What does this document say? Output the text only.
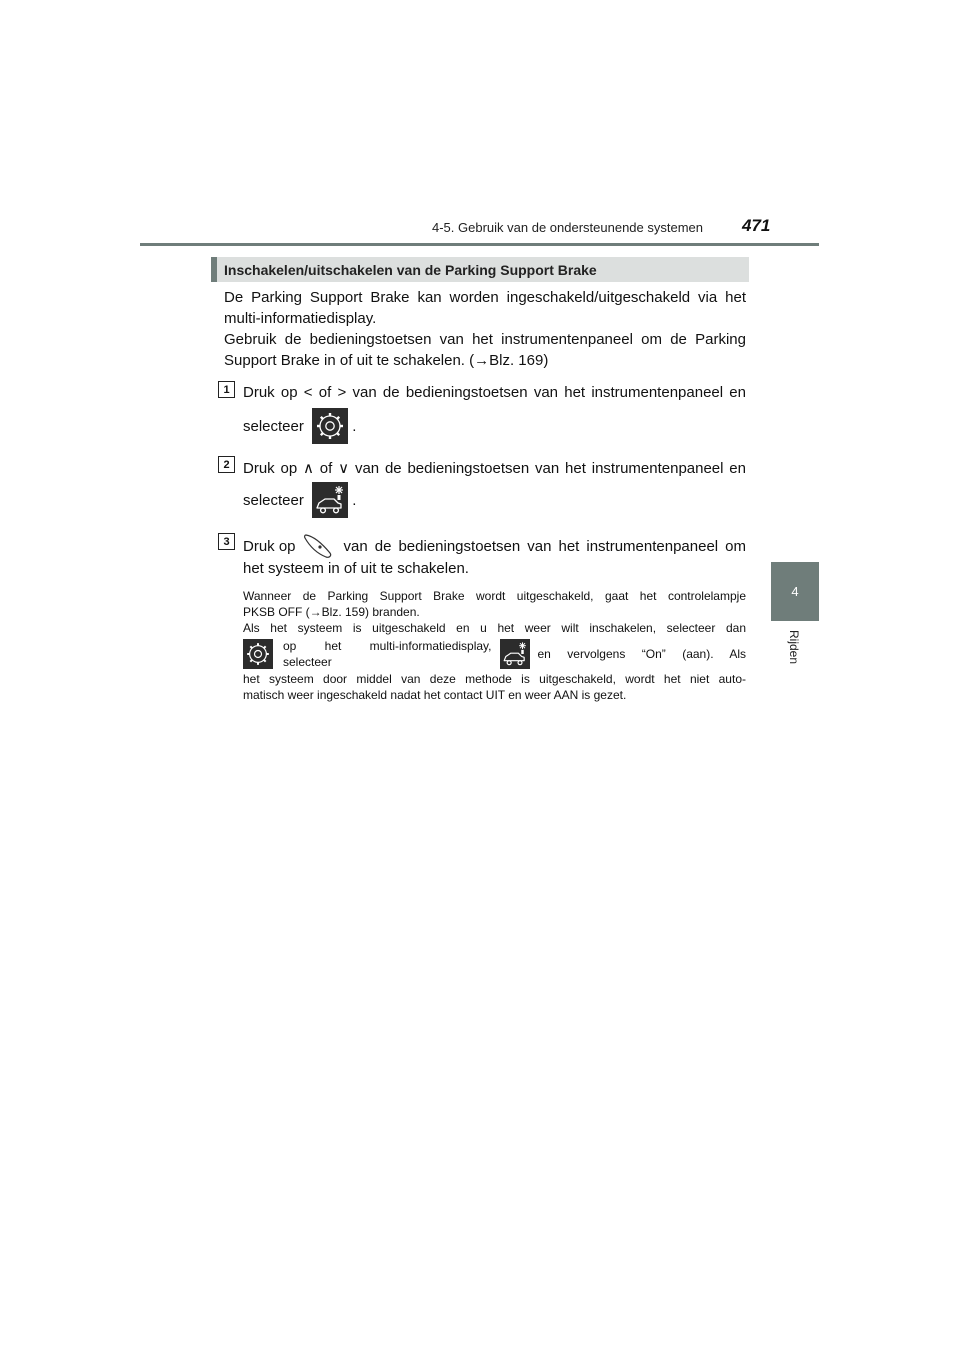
4-5. Gebruik van de ondersteunende systemen 471
4
Rijden
Inschakelen/uitschakelen van de Parking Support Brake
De Parking Support Brake kan worden ingeschakeld/uitgeschakeld via het
multi-informatiedisplay.
Gebruik de bedieningstoetsen van het instrumentenpaneel om de Parking
Support Brake in of uit te schakelen. (→Blz. 169)
1 Druk op < of > van de bedieningstoetsen van het instrumentenpaneel en
selecteer	.
2 Druk op ∧ of ∨ van de bedieningstoetsen van het instrumentenpaneel en
selecteer	.
3 Druk op	van de bedieningstoetsen van het instrumentenpaneel om
het systeem in of uit te schakelen.
Wanneer de Parking Support Brake wordt uitgeschakeld, gaat het controlelampje
PKSB OFF (→Blz. 159) branden.
Als het systeem is uitgeschakeld en u het weer wilt inschakelen, selecteer dan
op het multi-informatiedisplay, selecteer
en vervolgens “On” (aan). Als
het systeem door middel van deze methode is uitgeschakeld, wordt het niet auto-
matisch weer ingeschakeld nadat het contact UIT en weer AAN is gezet.
